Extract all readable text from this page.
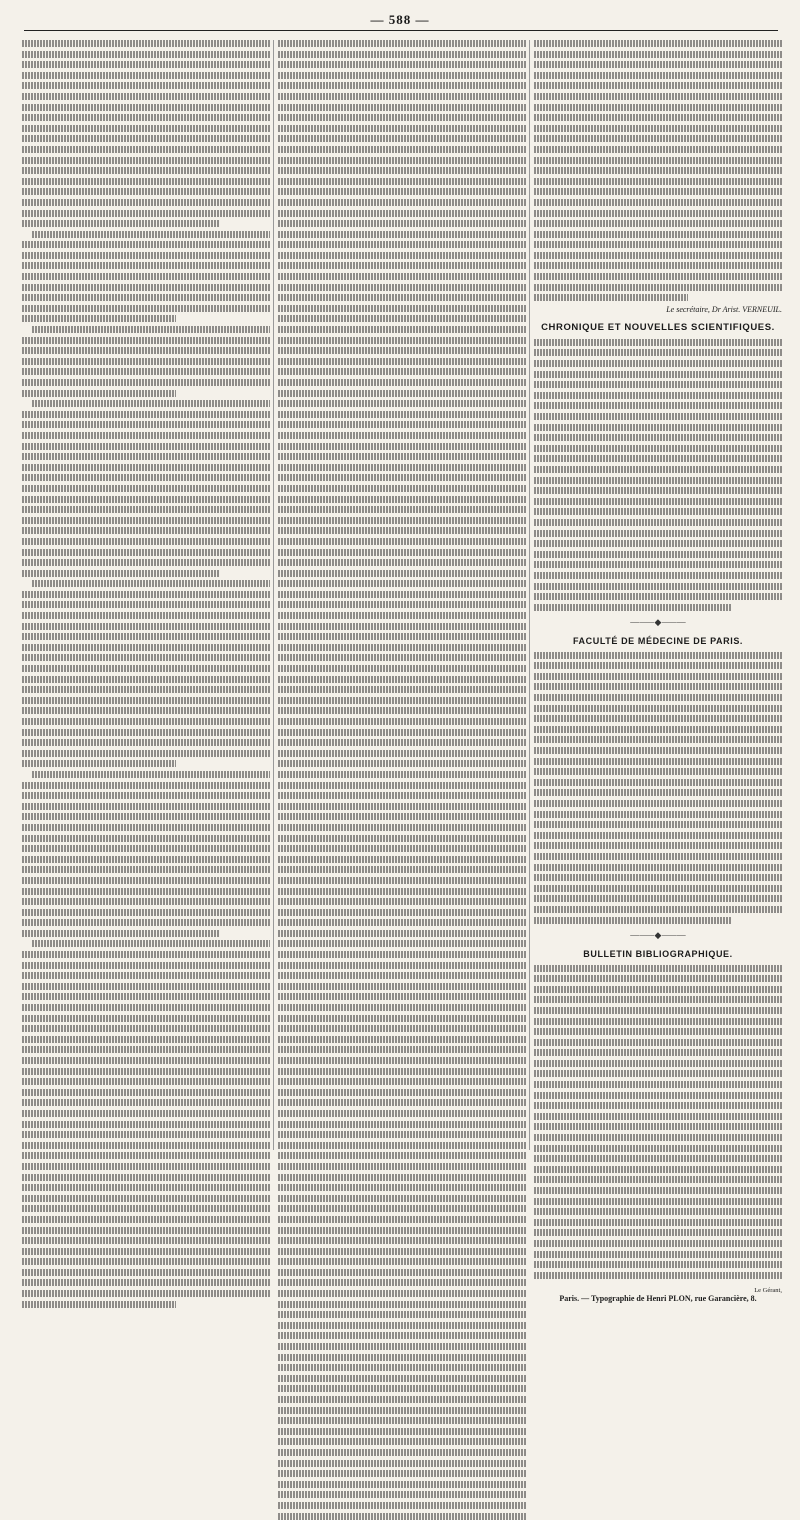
— 588 —
Le secrétaire, Dr Arist. VERNEUIL.
CHRONIQUE ET NOUVELLES SCIENTIFIQUES.
—⸺◆⸺—
FACULTÉ DE MÉDECINE DE PARIS.
—⸺◆⸺—
BULLETIN BIBLIOGRAPHIQUE.
Le Gérant,
Paris. — Typographie de Henri PLON, rue Garancière, 8.
